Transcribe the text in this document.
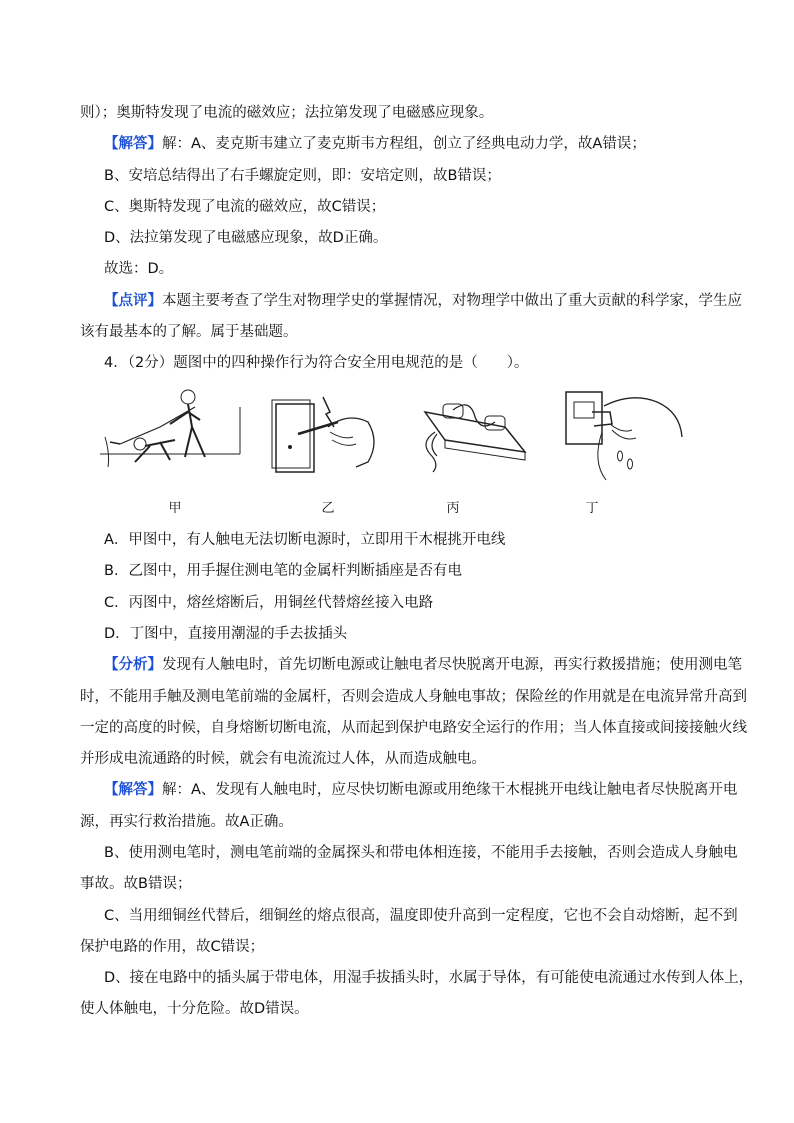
则）；奥斯特发现了电流的磁效应；法拉第发现了电磁感应现象。
【解答】解：A、麦克斯韦建立了麦克斯韦方程组，创立了经典电动力学，故A错误；
B、安培总结得出了右手螺旋定则，即：安培定则，故B错误；
C、奥斯特发现了电流的磁效应，故C错误；
D、法拉第发现了电磁感应现象，故D正确。
故选：D。
【点评】本题主要考查了学生对物理学史的掌握情况，对物理学中做出了重大贡献的科学家，学生应
该有最基本的了解。属于基础题。
4．（2分）题图中的四种操作行为符合安全用电规范的是（　　）。
甲	乙	丙	丁
A．甲图中，有人触电无法切断电源时，立即用干木棍挑开电线
B．乙图中，用手握住测电笔的金属杆判断插座是否有电
C．丙图中，熔丝熔断后，用铜丝代替熔丝接入电路
D．丁图中，直接用潮湿的手去拔插头
【分析】发现有人触电时，首先切断电源或让触电者尽快脱离开电源，再实行救援措施；使用测电笔
时，不能用手触及测电笔前端的金属杆，否则会造成人身触电事故；保险丝的作用就是在电流异常升高到
一定的高度的时候，自身熔断切断电流，从而起到保护电路安全运行的作用；当人体直接或间接接触火线
并形成电流通路的时候，就会有电流流过人体，从而造成触电。
【解答】解：A、发现有人触电时，应尽快切断电源或用绝缘干木棍挑开电线让触电者尽快脱离开电
源，再实行救治措施。故A正确。
B、使用测电笔时，测电笔前端的金属探头和带电体相连接，不能用手去接触，否则会造成人身触电
事故。故B错误；
C、当用细铜丝代替后，细铜丝的熔点很高，温度即使升高到一定程度，它也不会自动熔断，起不到
保护电路的作用，故C错误；
D、接在电路中的插头属于带电体，用湿手拔插头时，水属于导体，有可能使电流通过水传到人体上，
使人体触电，十分危险。故D错误。
